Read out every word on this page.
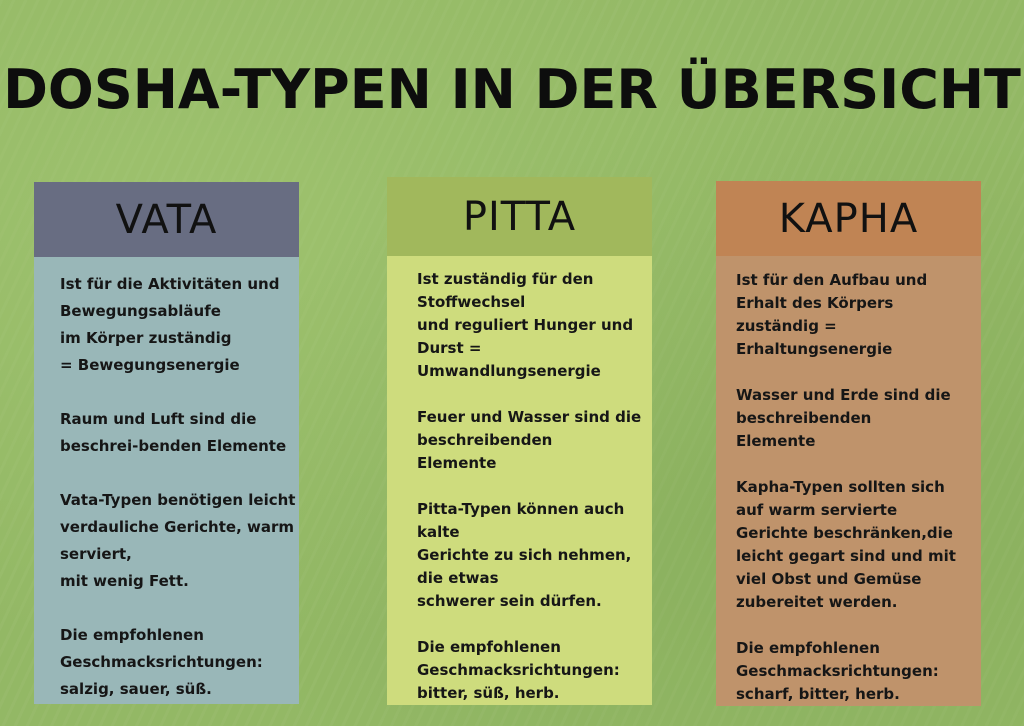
DOSHA-TYPEN IN DER ÜBERSICHT
VATA

Ist für die Aktivitäten und
Bewegungsabläufe
im Körper zuständig
= Bewegungsenergie

Raum und Luft sind die
beschrei-benden Elemente

Vata-Typen benötigen leicht
verdauliche Gerichte, warm
serviert,
mit wenig Fett.

Die empfohlenen
Geschmacksrichtungen:
salzig, sauer, süß.

PITTA

Ist zuständig für den
Stoffwechsel
und reguliert Hunger und
Durst =
Umwandlungsenergie

Feuer und Wasser sind die
beschreibenden
Elemente

Pitta-Typen können auch
kalte
Gerichte zu sich nehmen,
die etwas
schwerer sein dürfen.

Die empfohlenen
Geschmacksrichtungen:
bitter, süß, herb.

KAPHA

Ist für den Aufbau und
Erhalt des Körpers
zuständig =
Erhaltungsenergie

Wasser und Erde sind die
beschreibenden
Elemente

Kapha-Typen sollten sich
auf warm servierte
Gerichte beschränken,die
leicht gegart sind und mit
viel Obst und Gemüse
zubereitet werden.

Die empfohlenen
Geschmacksrichtungen:
scharf, bitter, herb.
